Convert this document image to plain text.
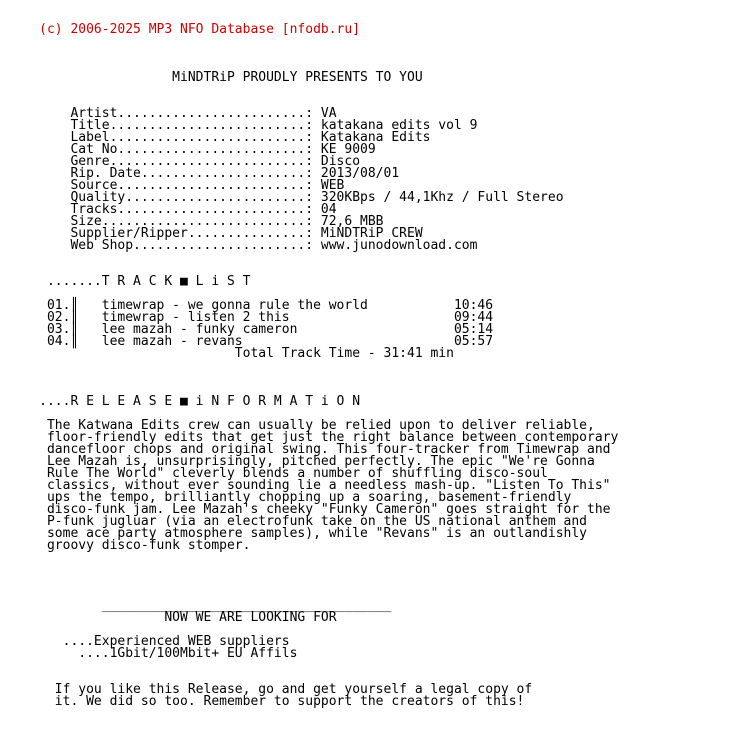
(c) 2006-2025 MP3 NFO Database [nfodb.ru]

MiNDTRiP PROUDLY PRESENTS TO YOU

Artist........................: VA
Title.........................: katakana edits vol 9
Label.........................: Katakana Edits
Cat No........................: KE 9009
Genre.........................: Disco
Rip. Date.....................: 2013/08/01
Source........................: WEB
Quality.......................: 320KBps / 44,1Khz / Full Stereo
Tracks........................: 04
Size..........................: 72,6 MBB
Supplier/Ripper...............: MiNDTRiP CREW
Web Shop......................: www.junodownload.com

.......T R A C K ■ L i S T

01.║   timewrap - we gonna rule the world           10:46
02.║   timewrap - listen 2 this                     09:44
03.║   lee mazah - funky cameron                    05:14
04.║   lee mazah - revans                           05:57
Total Track Time - 31:41 min

....R E L E A S E ■ i N F O R M A T i O N

The Katwana Edits crew can usually be relied upon to deliver reliable,
floor-friendly edits that get just the right balance between contemporary
dancefloor chops and original swing. This four-tracker from Timewrap and
Lee Mazah is, unsurprisingly, pitched perfectly. The epic "We're Gonna
Rule The World" cleverly blends a number of shuffling disco-soul
classics, without ever sounding lie a needless mash-up. "Listen To This"
ups the tempo, brilliantly chopping up a soaring, basement-friendly
disco-funk jam. Lee Mazah's cheeky "Funky Cameron" goes straight for the
P-funk jugluar (via an electrofunk take on the US national anthem and
some ace party atmosphere samples), while "Revans" is an outlandishly
groovy disco-funk stomper.

_____________________________________
NOW WE ARE LOOKING FOR

....Experienced WEB suppliers
....1Gbit/100Mbit+ EU Affils

If you like this Release, go and get yourself a legal copy of
it. We did so too. Remember to support the creators of this!
